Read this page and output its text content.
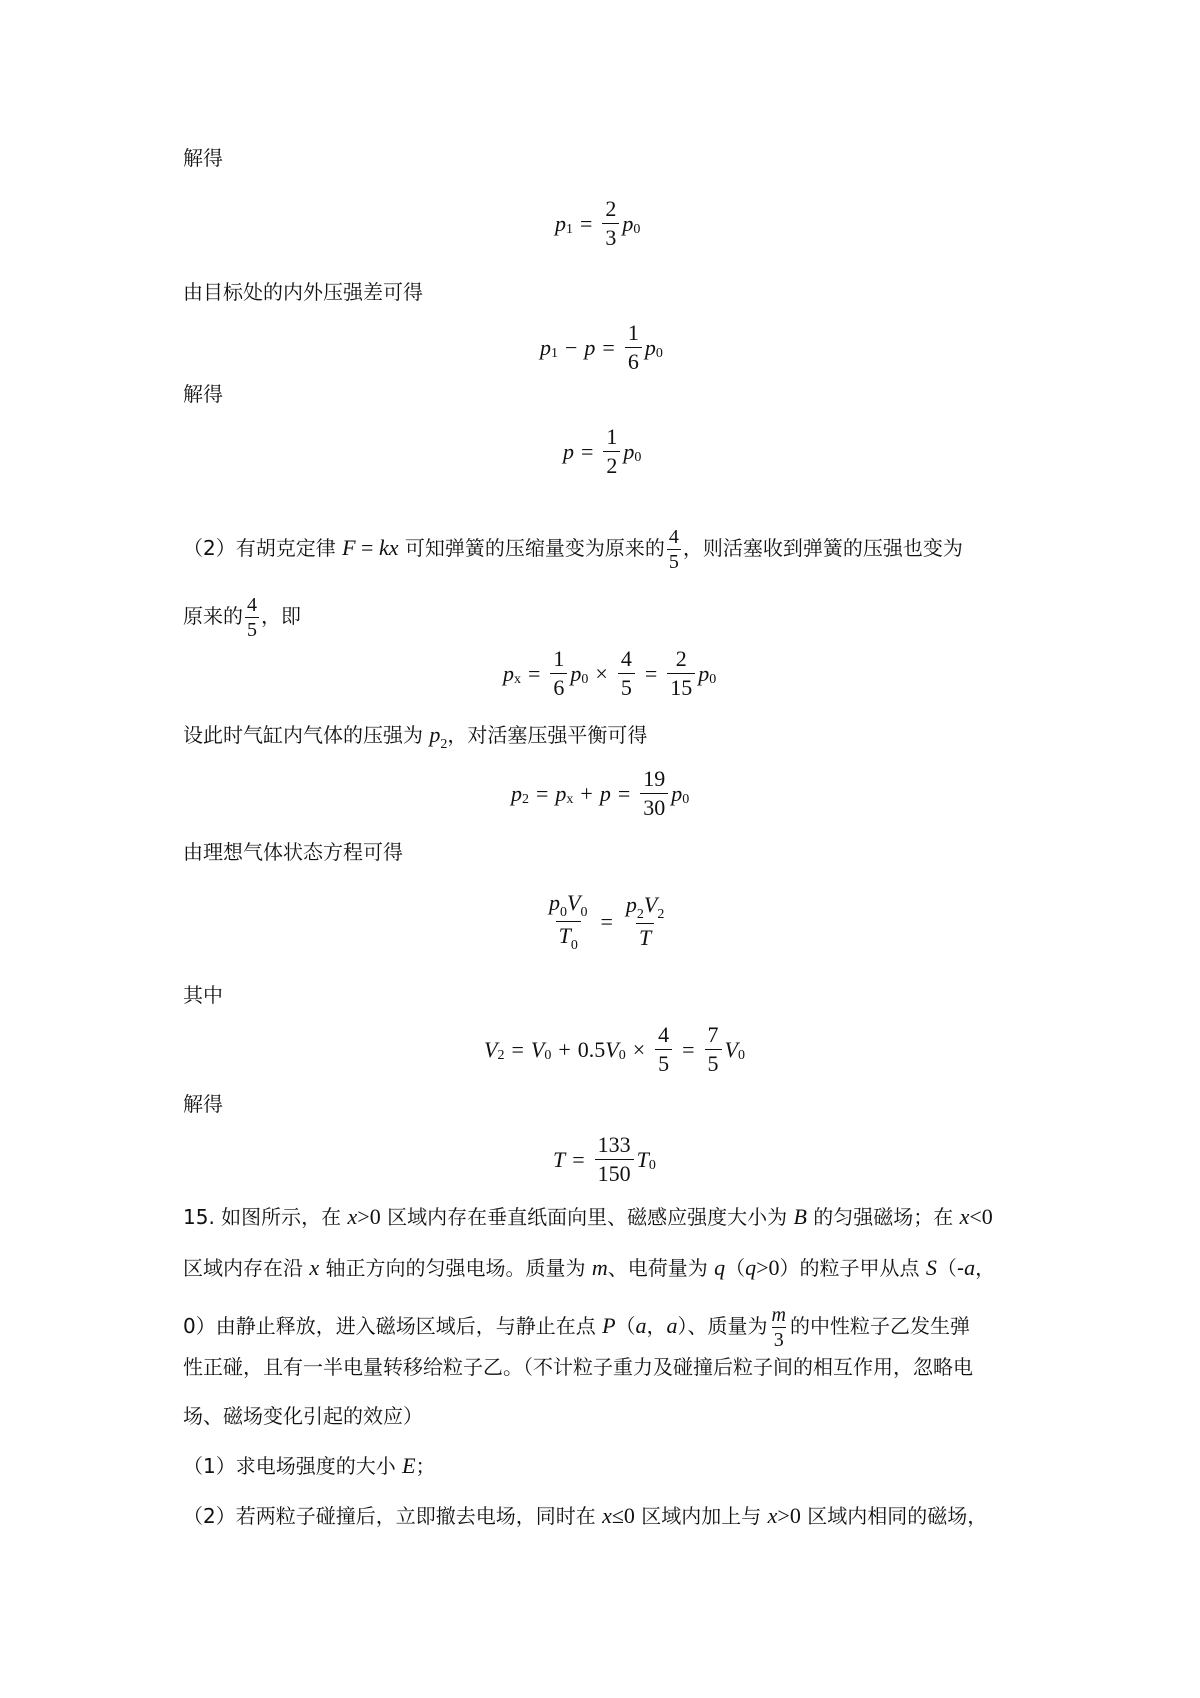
解得
p $1 = \frac{2}{3}$ p 0
由目标处的内外压强差可得
p $1 - p = \frac{1}{6}$ p 0
解得
$p = \frac{1}{2}$ p 0
（2）有胡克定律 F = kx 可知弹簧的压缩量变为原来的 $\frac{4}{5}$ ，则活塞收到弹簧的压强也变为
原来的 $\frac{4}{5}$ ，即
p $x = \frac{1}{6}$ p $0 \times \frac{4}{5} = \frac{2}{15}$ p 0
设此时气缸内气体的压强为 $p_2$，对活塞压强平衡可得
p 2 = p $x + p = \frac{19}{30}$ p 0
由理想气体状态方程可得
$\frac{p_0V_0}{T_0} = \frac{p_2V_2}{T}$
其中
V 2 = V 0 + 0.5 V $0 \times \frac{4}{5} = \frac{7}{5}$ V 0
解得
$T = \frac{133}{150}$ T 0
15. 如图所示，在 x>0 区域内存在垂直纸面向里、磁感应强度大小为 B 的匀强磁场；在 x<0
区域内存在沿 x 轴正方向的匀强电场。质量为 m、电荷量为 q（q>0）的粒子甲从点 S（-a，
0）由静止释放，进入磁场区域后，与静止在点 P（a，a）、质量为 $\frac{m}{3}$ 的中性粒子乙发生弹
性正碰，且有一半电量转移给粒子乙。（不计粒子重力及碰撞后粒子间的相互作用，忽略电
场、磁场变化引起的效应）
（1）求电场强度的大小 E；
（2）若两粒子碰撞后，立即撤去电场，同时在 x≤0 区域内加上与 x>0 区域内相同的磁场，
